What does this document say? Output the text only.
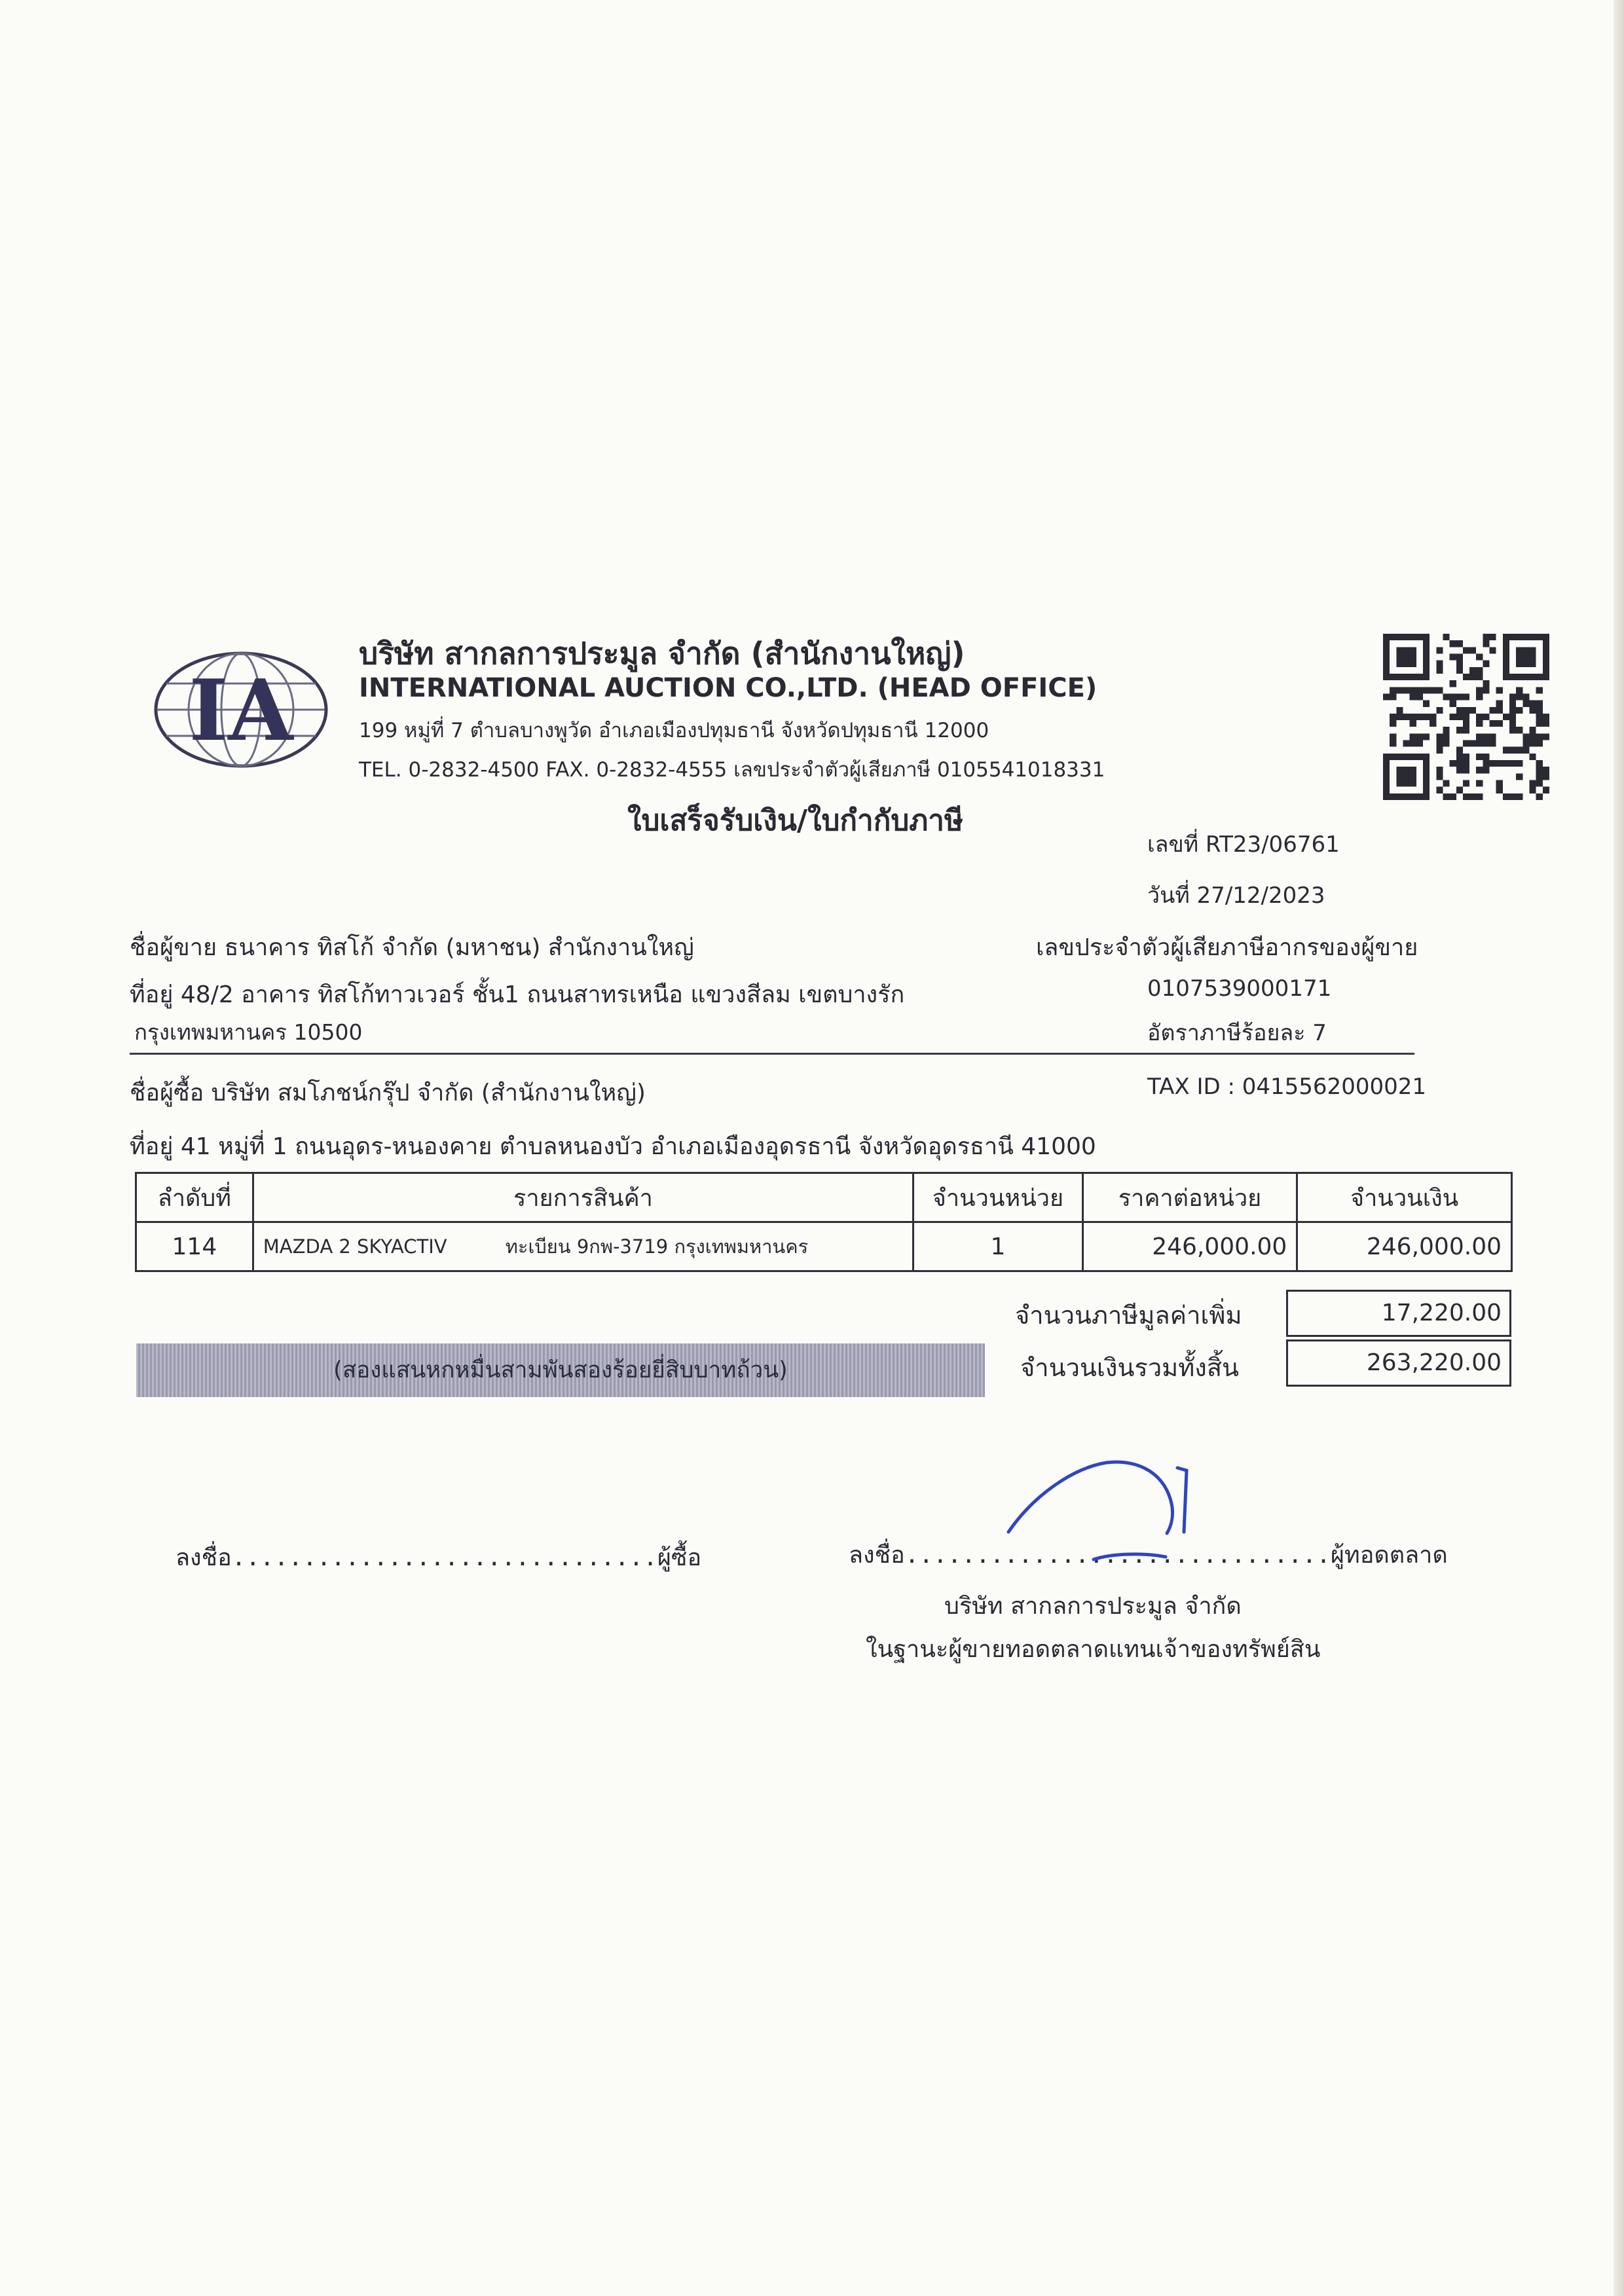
IA
บริษัท สากลการประมูล จำกัด (สำนักงานใหญ่)
INTERNATIONAL AUCTION CO.,LTD. (HEAD OFFICE)
199 หมู่ที่ 7 ตำบลบางพูวัด อำเภอเมืองปทุมธานี จังหวัดปทุมธานี 12000
TEL. 0-2832-4500 FAX. 0-2832-4555 เลขประจำตัวผู้เสียภาษี 0105541018331
ใบเสร็จรับเงิน/ใบกำกับภาษี
เลขที่ RT23/06761
วันที่ 27/12/2023
ชื่อผู้ขาย ธนาคาร ทิสโก้ จำกัด (มหาชน) สำนักงานใหญ่	เลขประจำตัวผู้เสียภาษีอากรของผู้ขาย
ที่อยู่ 48/2 อาคาร ทิสโก้ทาวเวอร์ ชั้น1 ถนนสาทรเหนือ แขวงสีลม เขตบางรัก	0107539000171
กรุงเทพมหานคร 10500	อัตราภาษีร้อยละ 7
ชื่อผู้ซื้อ บริษัท สมโภชน์กรุ๊ป จำกัด (สำนักงานใหญ่)	TAX ID : 0415562000021
ที่อยู่ 41 หมู่ที่ 1 ถนนอุดร-หนองคาย ตำบลหนองบัว อำเภอเมืองอุดรธานี จังหวัดอุดรธานี 41000
ลำดับที่	รายการสินค้า	จำนวนหน่วย	ราคาต่อหน่วย	จำนวนเงิน
114	MAZDA 2 SKYACTIV ทะเบียน 9กพ-3719 กรุงเทพมหานคร	1	246,000.00	246,000.00
จำนวนภาษีมูลค่าเพิ่ม	17,220.00
(สองแสนหกหมื่นสามพันสองร้อยยี่สิบบาทถ้วน)	จำนวนเงินรวมทั้งสิ้น	263,220.00
ลงชื่อ..............................ผู้ซื้อ	ลงชื่อ..............................ผู้ทอดตลาด
บริษัท สากลการประมูล จำกัด
ในฐานะผู้ขายทอดตลาดแทนเจ้าของทรัพย์สิน
